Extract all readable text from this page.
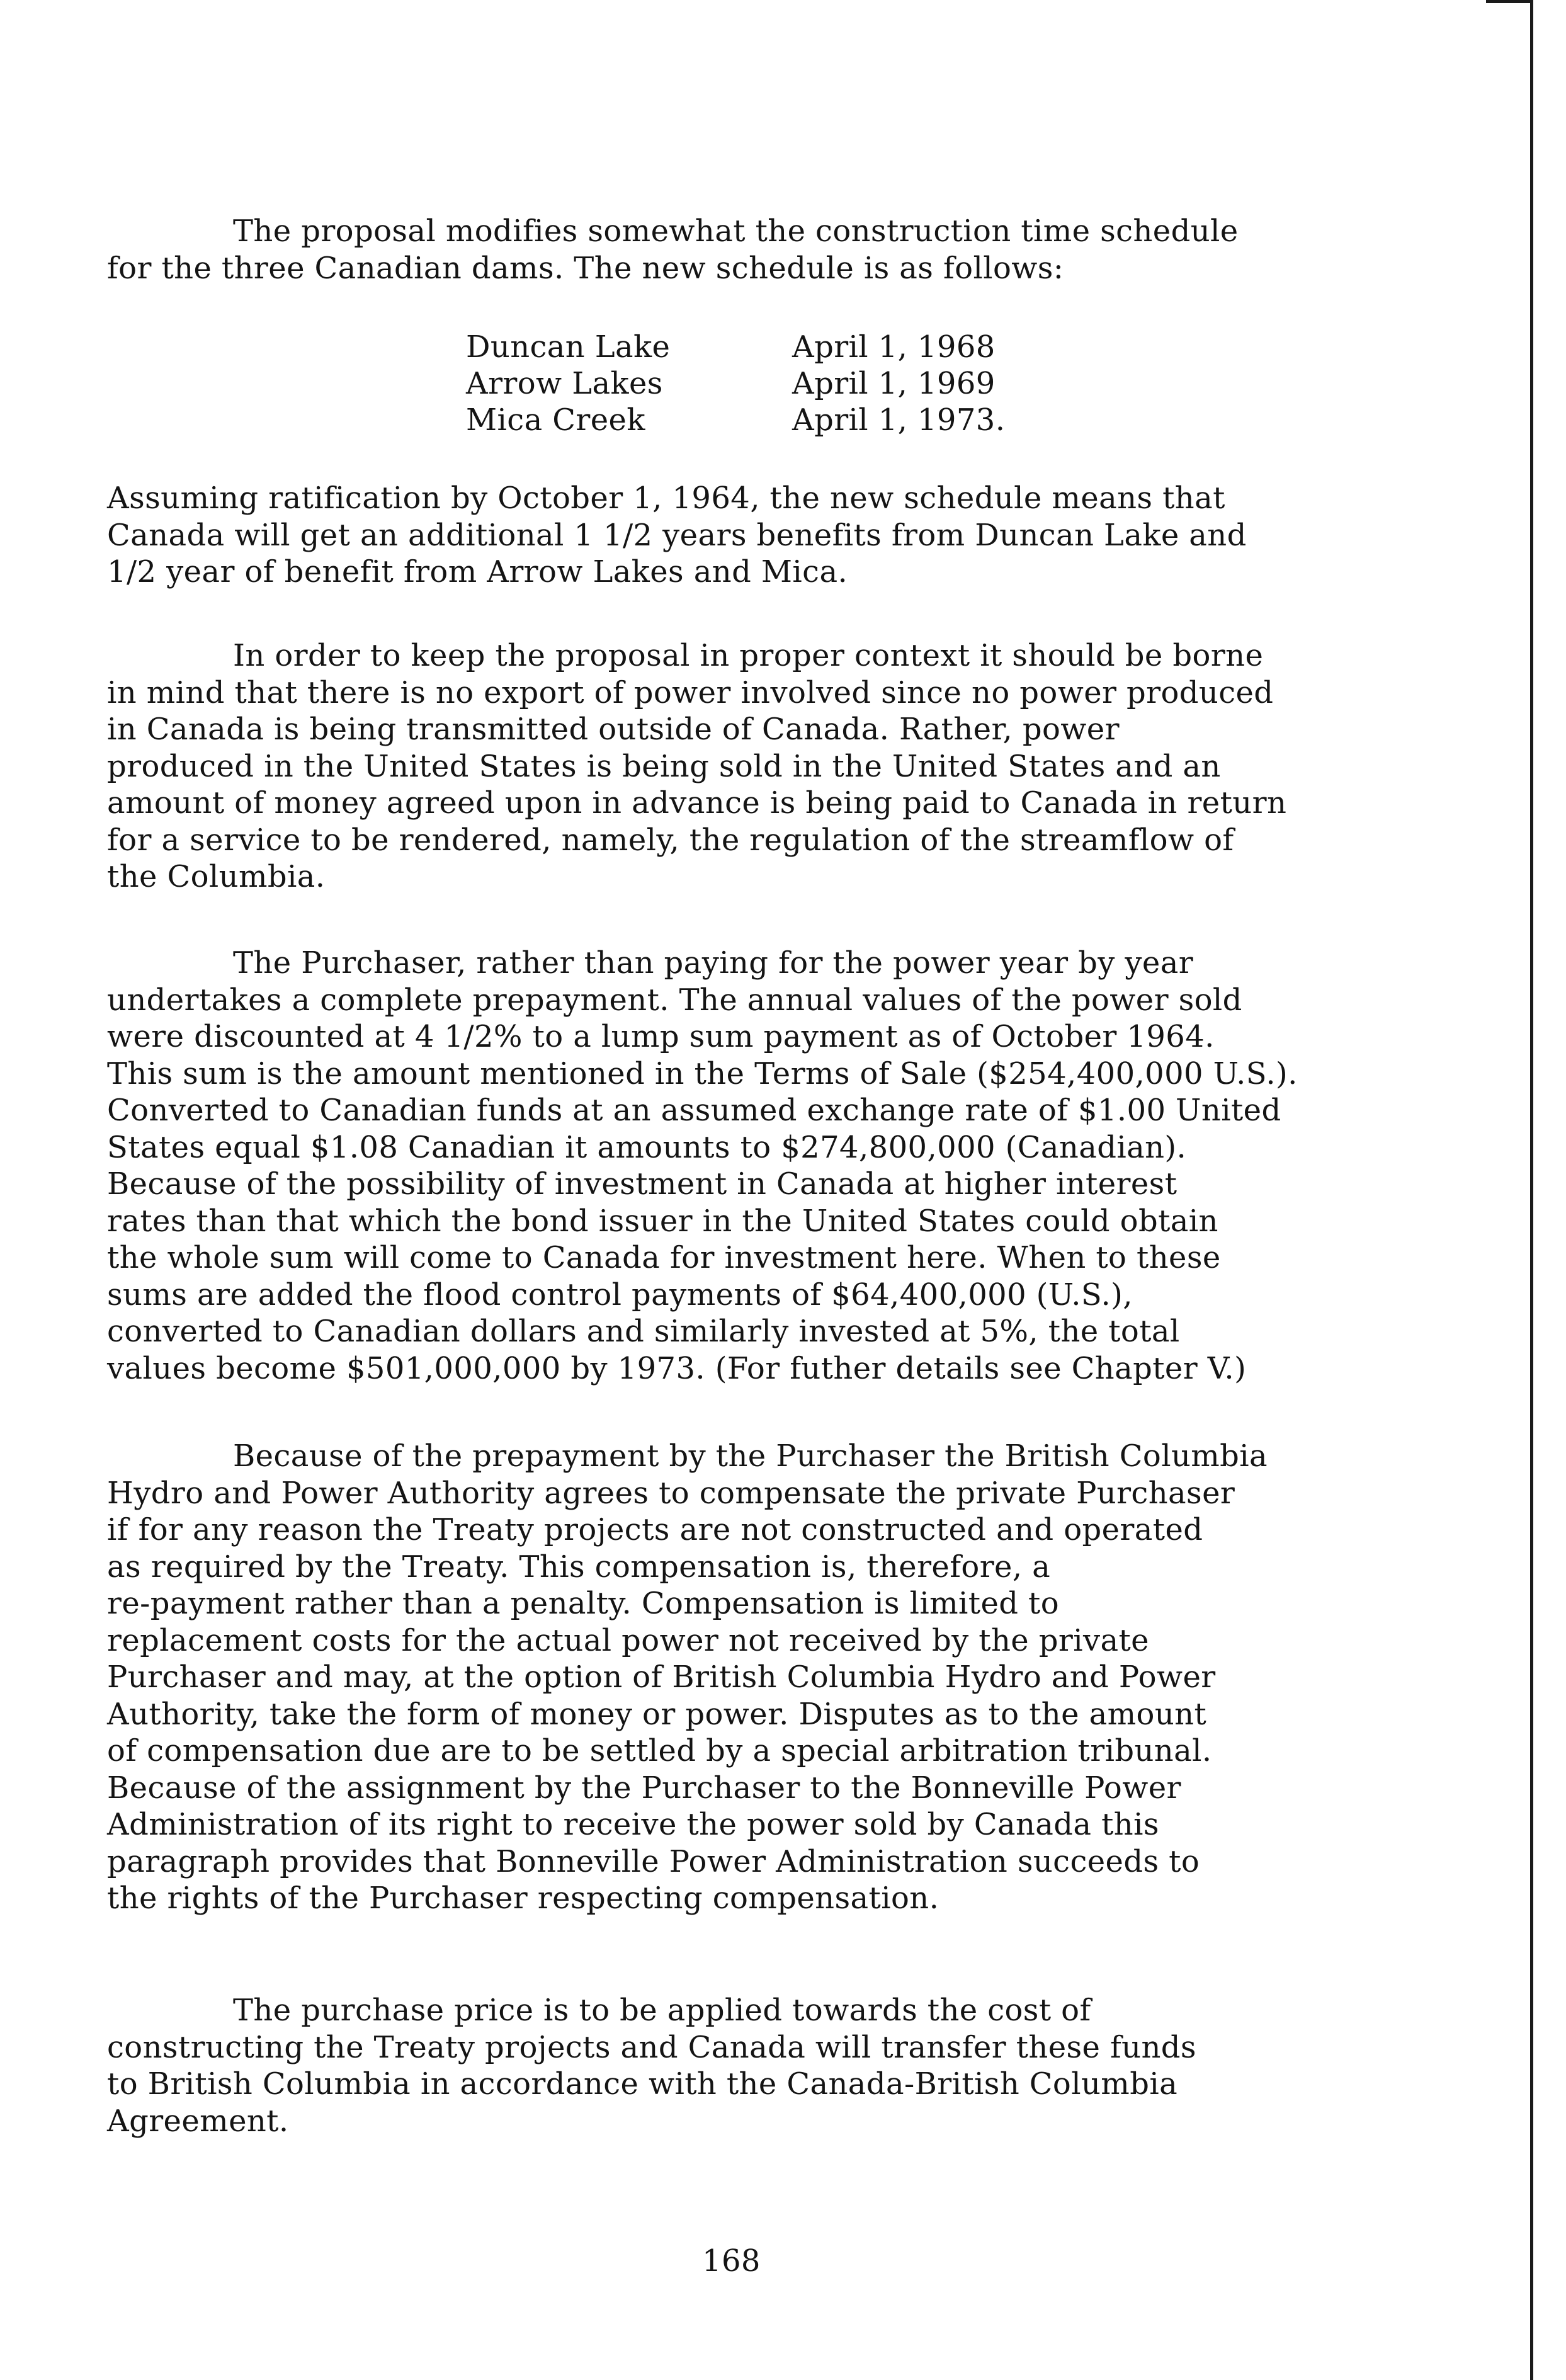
The proposal modifies somewhat the construction time schedule
for the three Canadian dams. The new schedule is as follows:

Duncan Lake	April 1, 1968
Arrow Lakes	April 1, 1969
Mica Creek	April 1, 1973.

Assuming ratification by October 1, 1964, the new schedule means that
Canada will get an additional 1 1/2 years benefits from Duncan Lake and
1/2 year of benefit from Arrow Lakes and Mica.

In order to keep the proposal in proper context it should be borne
in mind that there is no export of power involved since no power produced
in Canada is being transmitted outside of Canada. Rather, power
produced in the United States is being sold in the United States and an
amount of money agreed upon in advance is being paid to Canada in return
for a service to be rendered, namely, the regulation of the streamflow of
the Columbia.

The Purchaser, rather than paying for the power year by year
undertakes a complete prepayment. The annual values of the power sold
were discounted at 4 1/2% to a lump sum payment as of October 1964.
This sum is the amount mentioned in the Terms of Sale ($254,400,000 U.S.).
Converted to Canadian funds at an assumed exchange rate of $1.00 United
States equal $1.08 Canadian it amounts to $274,800,000 (Canadian).
Because of the possibility of investment in Canada at higher interest
rates than that which the bond issuer in the United States could obtain
the whole sum will come to Canada for investment here. When to these
sums are added the flood control payments of $64,400,000 (U.S.),
converted to Canadian dollars and similarly invested at 5%, the total
values become $501,000,000 by 1973. (For futher details see Chapter V.)

Because of the prepayment by the Purchaser the British Columbia
Hydro and Power Authority agrees to compensate the private Purchaser
if for any reason the Treaty projects are not constructed and operated
as required by the Treaty. This compensation is, therefore, a
re-payment rather than a penalty. Compensation is limited to
replacement costs for the actual power not received by the private
Purchaser and may, at the option of British Columbia Hydro and Power
Authority, take the form of money or power. Disputes as to the amount
of compensation due are to be settled by a special arbitration tribunal.
Because of the assignment by the Purchaser to the Bonneville Power
Administration of its right to receive the power sold by Canada this
paragraph provides that Bonneville Power Administration succeeds to
the rights of the Purchaser respecting compensation.

The purchase price is to be applied towards the cost of
constructing the Treaty projects and Canada will transfer these funds
to British Columbia in accordance with the Canada-British Columbia
Agreement.

168
